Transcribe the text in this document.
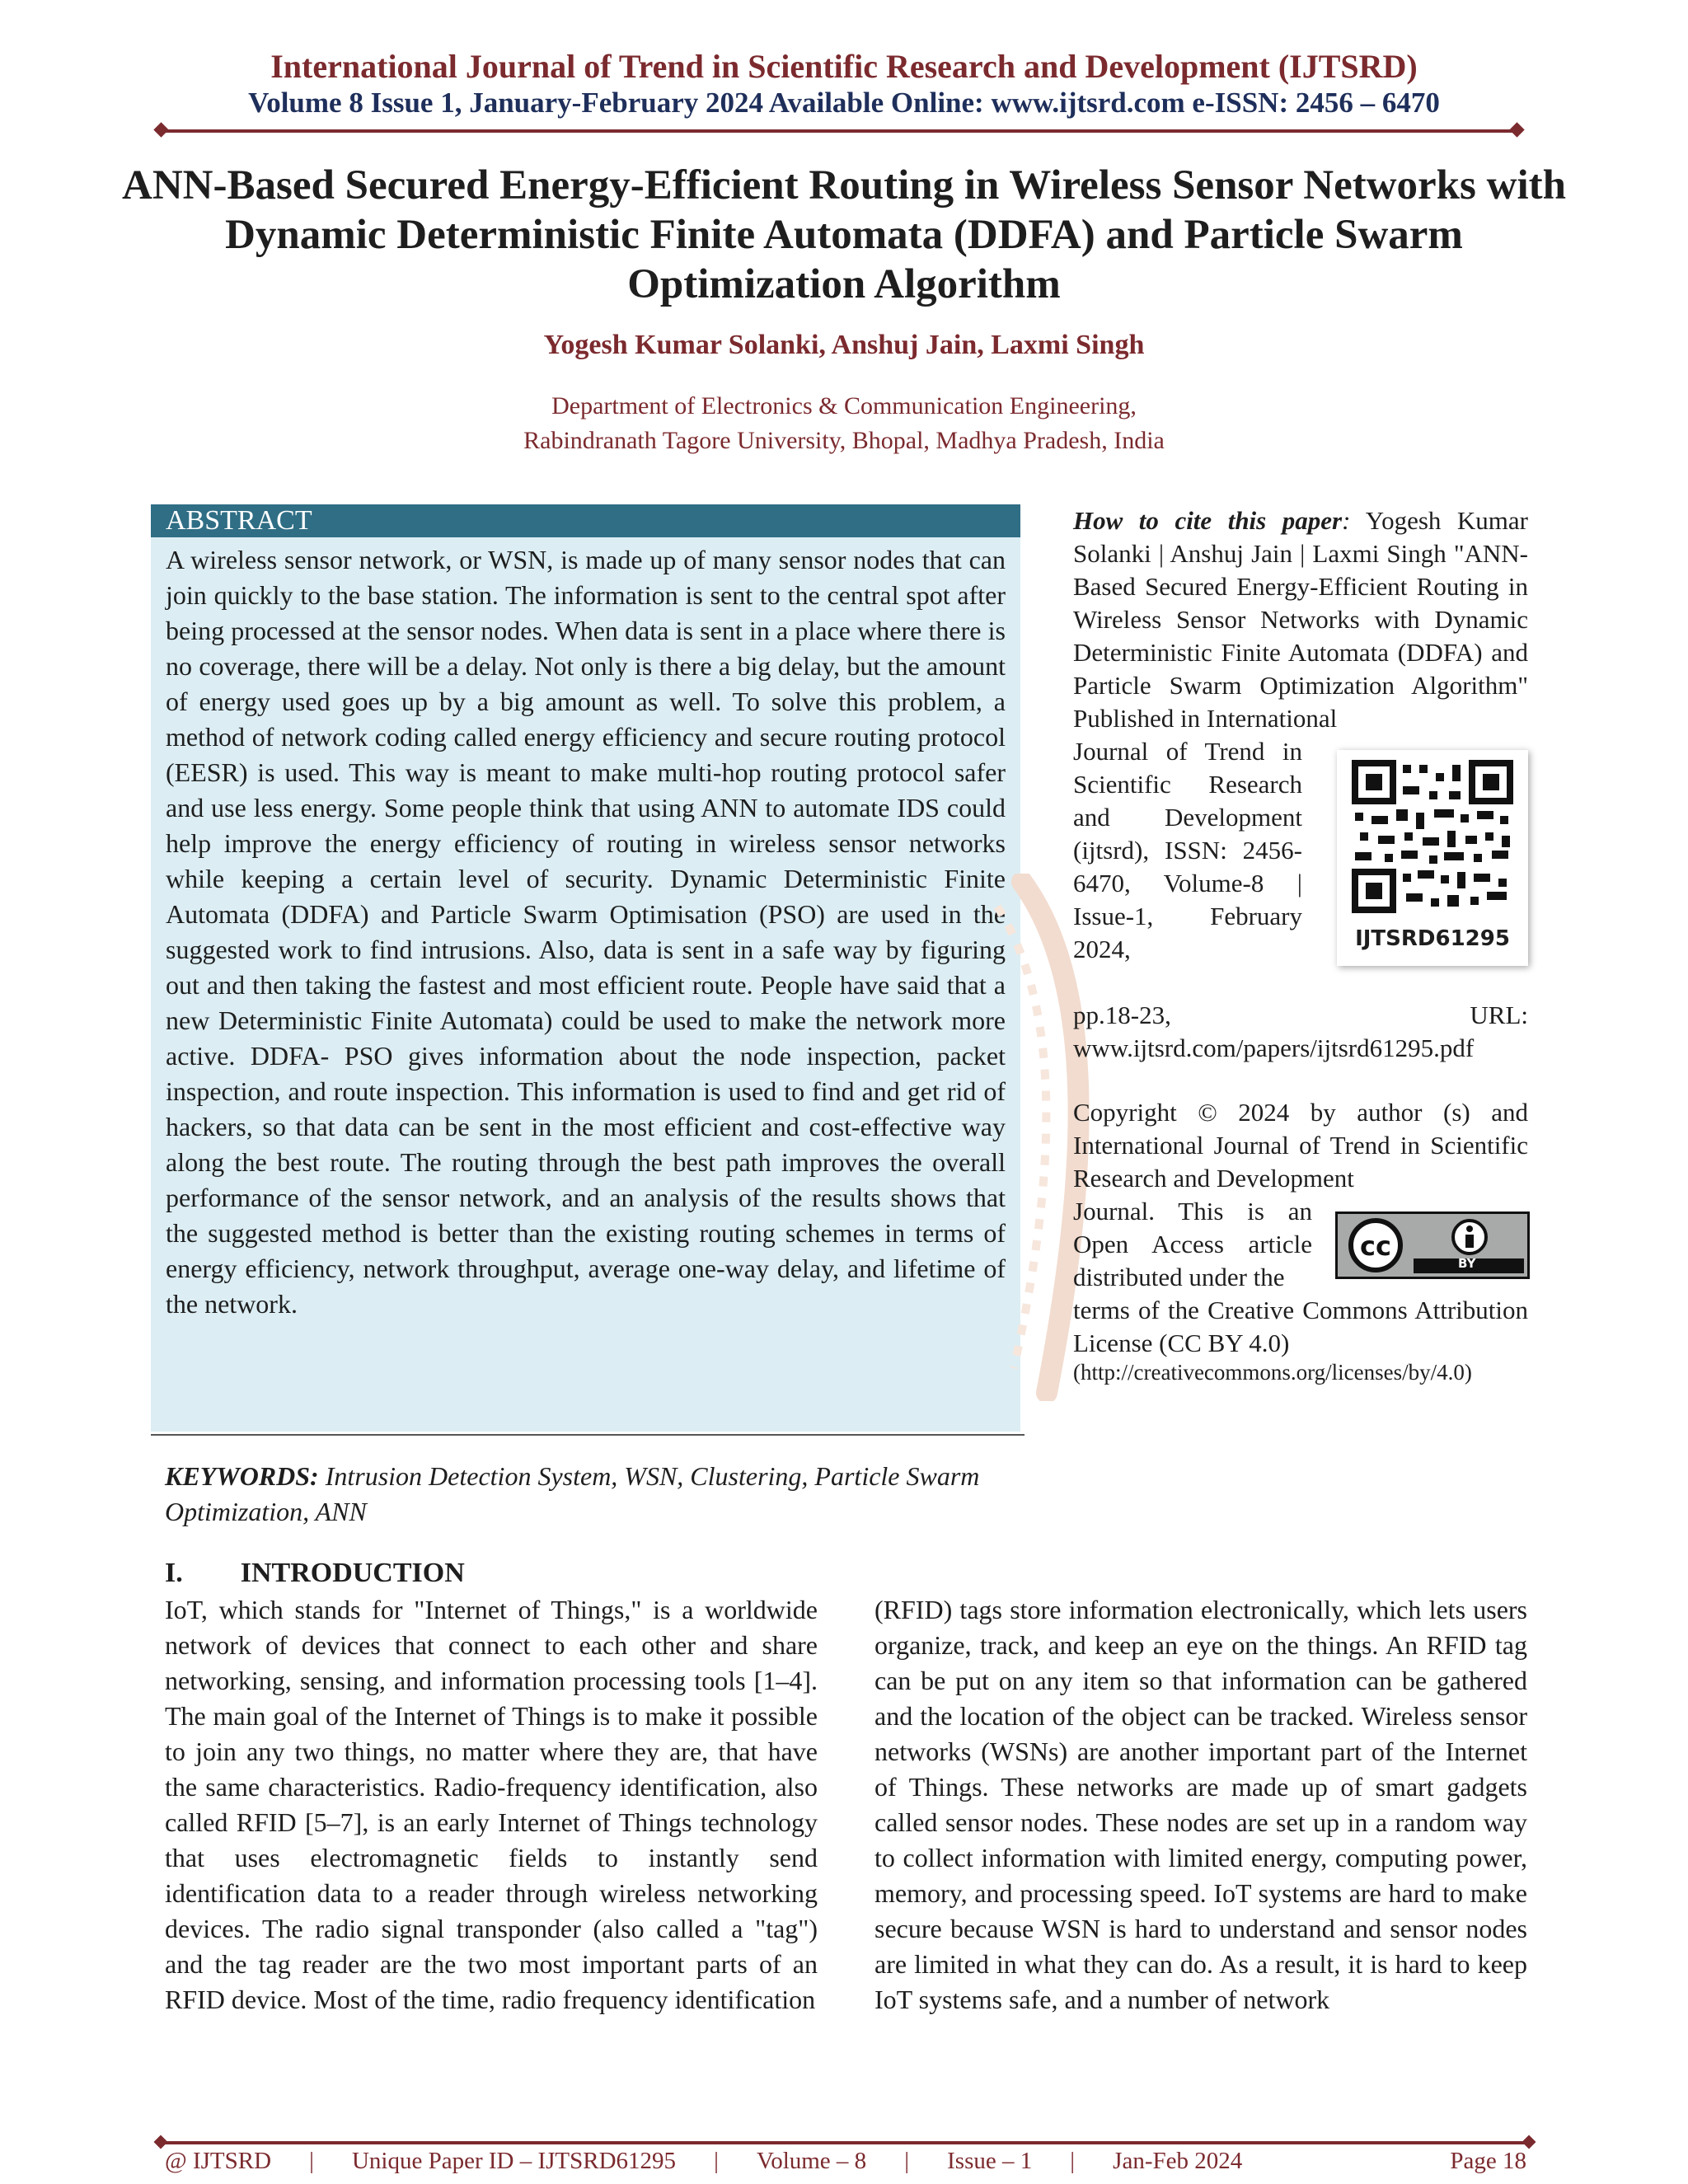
International Journal of Trend in Scientific Research and Development (IJTSRD)
Volume 8 Issue 1, January-February 2024 Available Online: www.ijtsrd.com e-ISSN: 2456 – 6470
ANN-Based Secured Energy-Efficient Routing in Wireless Sensor Networks with Dynamic Deterministic Finite Automata (DDFA) and Particle Swarm Optimization Algorithm
Yogesh Kumar Solanki, Anshuj Jain, Laxmi Singh
Department of Electronics & Communication Engineering,
Rabindranath Tagore University, Bhopal, Madhya Pradesh, India
ABSTRACT
A wireless sensor network, or WSN, is made up of many sensor nodes that can join quickly to the base station. The information is sent to the central spot after being processed at the sensor nodes. When data is sent in a place where there is no coverage, there will be a delay. Not only is there a big delay, but the amount of energy used goes up by a big amount as well. To solve this problem, a method of network coding called energy efficiency and secure routing protocol (EESR) is used. This way is meant to make multi-hop routing protocol safer and use less energy. Some people think that using ANN to automate IDS could help improve the energy efficiency of routing in wireless sensor networks while keeping a certain level of security. Dynamic Deterministic Finite Automata (DDFA) and Particle Swarm Optimisation (PSO) are used in the suggested work to find intrusions. Also, data is sent in a safe way by figuring out and then taking the fastest and most efficient route. People have said that a new Deterministic Finite Automata) could be used to make the network more active. DDFA- PSO gives information about the node inspection, packet inspection, and route inspection. This information is used to find and get rid of hackers, so that data can be sent in the most efficient and cost-effective way along the best route. The routing through the best path improves the overall performance of the sensor network, and an analysis of the results shows that the suggested method is better than the existing routing schemes in terms of energy efficiency, network throughput, average one-way delay, and lifetime of the network.
How to cite this paper: Yogesh Kumar Solanki | Anshuj Jain | Laxmi Singh "ANN-Based Secured Energy-Efficient Routing in Wireless Sensor Networks with Dynamic Deterministic Finite Automata (DDFA) and Particle Swarm Optimization Algorithm" Published in International
Journal of Trend in Scientific Research and Development (ijtsrd), ISSN: 2456-6470, Volume-8 | Issue-1, February 2024,	IJTSRD61295
pp.18-23, URL: www.ijtsrd.com/papers/ijtsrd61295.pdf
Copyright © 2024 by author (s) and International Journal of Trend in Scientific Research and Development
Journal. This is an Open Access article distributed under the
cc
BY
terms of the Creative Commons Attribution License (CC BY 4.0)
(http://creativecommons.org/licenses/by/4.0)
KEYWORDS: Intrusion Detection System, WSN, Clustering, Particle Swarm Optimization, ANN
I. INTRODUCTION
IoT, which stands for "Internet of Things," is a worldwide network of devices that connect to each other and share networking, sensing, and information processing tools [1–4]. The main goal of the Internet of Things is to make it possible to join any two things, no matter where they are, that have the same characteristics. Radio-frequency identification, also called RFID [5–7], is an early Internet of Things technology that uses electromagnetic fields to instantly send identification data to a reader through wireless networking devices. The radio signal transponder (also called a "tag") and the tag reader are the two most important parts of an RFID device. Most of the time, radio frequency identification
(RFID) tags store information electronically, which lets users organize, track, and keep an eye on the things. An RFID tag can be put on any item so that information can be gathered and the location of the object can be tracked. Wireless sensor networks (WSNs) are another important part of the Internet of Things. These networks are made up of smart gadgets called sensor nodes. These nodes are set up in a random way to collect information with limited energy, computing power, memory, and processing speed. IoT systems are hard to make secure because WSN is hard to understand and sensor nodes are limited in what they can do. As a result, it is hard to keep IoT systems safe, and a number of network
@ IJTSRD | Unique Paper ID – IJTSRD61295 | Volume – 8 | Issue – 1 | Jan-Feb 2024	Page 18
